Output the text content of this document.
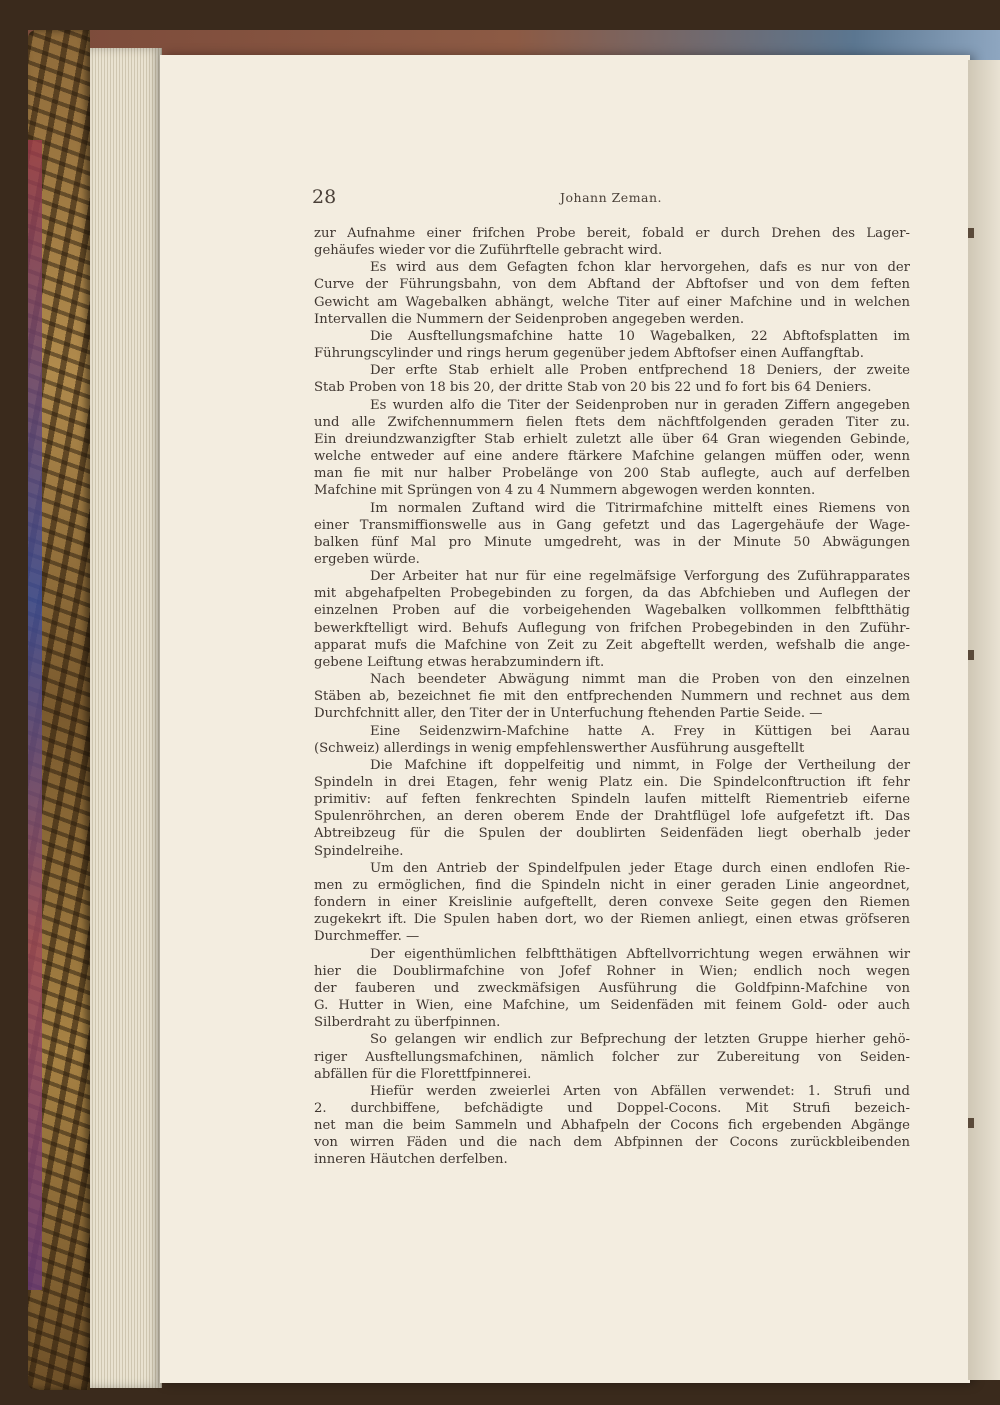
28	Johann Zeman.
zur Aufnahme einer frifchen Probe bereit, fobald er durch Drehen des Lager-
gehäufes wieder vor die Zuführftelle gebracht wird.
Es wird aus dem Gefagten fchon klar hervorgehen, dafs es nur von der
Curve der Führungsbahn, von dem Abftand der Abftofser und von dem feften
Gewicht am Wagebalken abhängt, welche Titer auf einer Mafchine und in welchen
Intervallen die Nummern der Seidenproben angegeben werden.
Die Ausftellungsmafchine hatte 10 Wagebalken, 22 Abftofsplatten im
Führungscylinder und rings herum gegenüber jedem Abftofser einen Auffangftab.
Der erfte Stab erhielt alle Proben entfprechend 18 Deniers, der zweite
Stab Proben von 18 bis 20, der dritte Stab von 20 bis 22 und fo fort bis 64 Deniers.
Es wurden alfo die Titer der Seidenproben nur in geraden Ziffern angegeben
und alle Zwifchennummern fielen ftets dem nächftfolgenden geraden Titer zu.
Ein dreiundzwanzigfter Stab erhielt zuletzt alle über 64 Gran wiegenden Gebinde,
welche entweder auf eine andere ftärkere Mafchine gelangen müffen oder, wenn
man fie mit nur halber Probelänge von 200 Stab auflegte, auch auf derfelben
Mafchine mit Sprüngen von 4 zu 4 Nummern abgewogen werden konnten.
Im normalen Zuftand wird die Titrirmafchine mittelft eines Riemens von
einer Transmiffionswelle aus in Gang gefetzt und das Lagergehäufe der Wage-
balken fünf Mal pro Minute umgedreht, was in der Minute 50 Abwägungen
ergeben würde.
Der Arbeiter hat nur für eine regelmäfsige Verforgung des Zuführapparates
mit abgehafpelten Probegebinden zu forgen, da das Abfchieben und Auflegen der
einzelnen Proben auf die vorbeigehenden Wagebalken vollkommen felbftthätig
bewerkftelligt wird. Behufs Auflegung von frifchen Probegebinden in den Zuführ-
apparat mufs die Mafchine von Zeit zu Zeit abgeftellt werden, wefshalb die ange-
gebene Leiftung etwas herabzumindern ift.
Nach beendeter Abwägung nimmt man die Proben von den einzelnen
Stäben ab, bezeichnet fie mit den entfprechenden Nummern und rechnet aus dem
Durchfchnitt aller, den Titer der in Unterfuchung ftehenden Partie Seide. —
Eine Seidenzwirn-Mafchine hatte A. Frey in Küttigen bei Aarau
(Schweiz) allerdings in wenig empfehlenswerther Ausführung ausgeftellt
Die Mafchine ift doppelfeitig und nimmt, in Folge der Vertheilung der
Spindeln in drei Etagen, fehr wenig Platz ein. Die Spindelconftruction ift fehr
primitiv: auf feften fenkrechten Spindeln laufen mittelft Riementrieb eiferne
Spulenröhrchen, an deren oberem Ende der Drahtflügel lofe aufgefetzt ift. Das
Abtreibzeug für die Spulen der doublirten Seidenfäden liegt oberhalb jeder
Spindelreihe.
Um den Antrieb der Spindelfpulen jeder Etage durch einen endlofen Rie-
men zu ermöglichen, find die Spindeln nicht in einer geraden Linie angeordnet,
fondern in einer Kreislinie aufgeftellt, deren convexe Seite gegen den Riemen
zugekekrt ift. Die Spulen haben dort, wo der Riemen anliegt, einen etwas gröfseren
Durchmeffer. —
Der eigenthümlichen felbftthätigen Abftellvorrichtung wegen erwähnen wir
hier die Doublirmafchine von Jofef Rohner in Wien; endlich noch wegen
der fauberen und zweckmäfsigen Ausführung die Goldfpinn-Mafchine von
G. Hutter in Wien, eine Mafchine, um Seidenfäden mit feinem Gold- oder auch
Silberdraht zu überfpinnen.
So gelangen wir endlich zur Befprechung der letzten Gruppe hierher gehö-
riger Ausftellungsmafchinen, nämlich folcher zur Zubereitung von Seiden-
abfällen für die Florettfpinnerei.
Hiefür werden zweierlei Arten von Abfällen verwendet: 1. Strufi und
2. durchbiffene, befchädigte und Doppel-Cocons. Mit Strufi bezeich-
net man die beim Sammeln und Abhafpeln der Cocons fich ergebenden Abgänge
von wirren Fäden und die nach dem Abfpinnen der Cocons zurückbleibenden
inneren Häutchen derfelben.
